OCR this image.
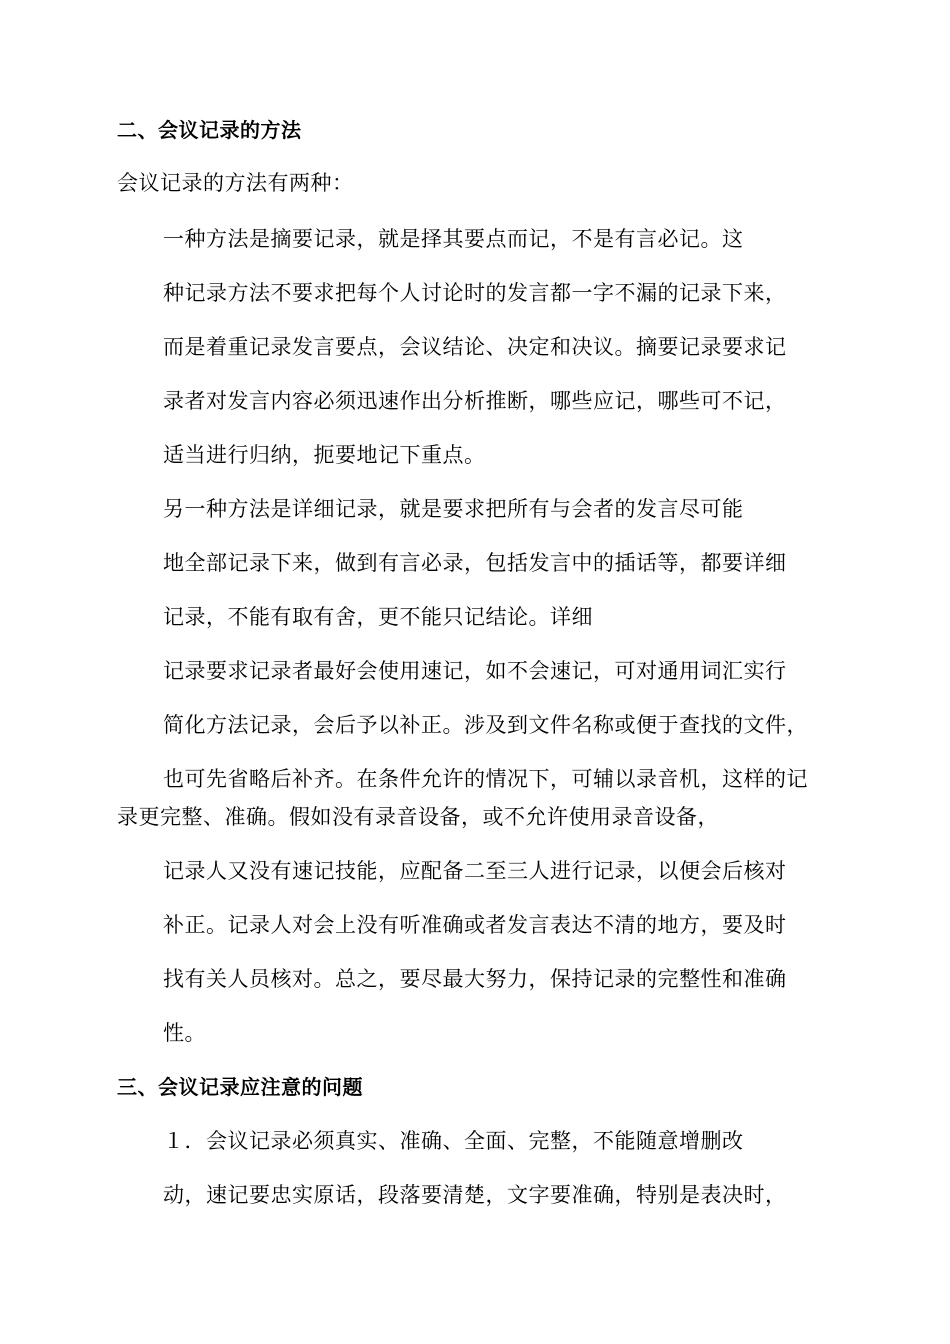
二、会议记录的方法
会议记录的方法有两种：
一种方法是摘要记录，就是择其要点而记，不是有言必记。这
种记录方法不要求把每个人讨论时的发言都一字不漏的记录下来，
而是着重记录发言要点，会议结论、决定和决议。摘要记录要求记
录者对发言内容必须迅速作出分析推断，哪些应记，哪些可不记，
适当进行归纳，扼要地记下重点。
另一种方法是详细记录，就是要求把所有与会者的发言尽可能
地全部记录下来，做到有言必录，包括发言中的插话等，都要详细
记录，不能有取有舍，更不能只记结论。详细
记录要求记录者最好会使用速记，如不会速记，可对通用词汇实行
简化方法记录，会后予以补正。涉及到文件名称或便于查找的文件，
也可先省略后补齐。在条件允许的情况下，可辅以录音机，这样的记
录更完整、准确。假如没有录音设备，或不允许使用录音设备，
记录人又没有速记技能，应配备二至三人进行记录，以便会后核对
补正。记录人对会上没有听准确或者发言表达不清的地方，要及时
找有关人员核对。总之，要尽最大努力，保持记录的完整性和准确
性。
三、会议记录应注意的问题
１．会议记录必须真实、准确、全面、完整，不能随意增删改
动，速记要忠实原话，段落要清楚，文字要准确，特别是表决时，
